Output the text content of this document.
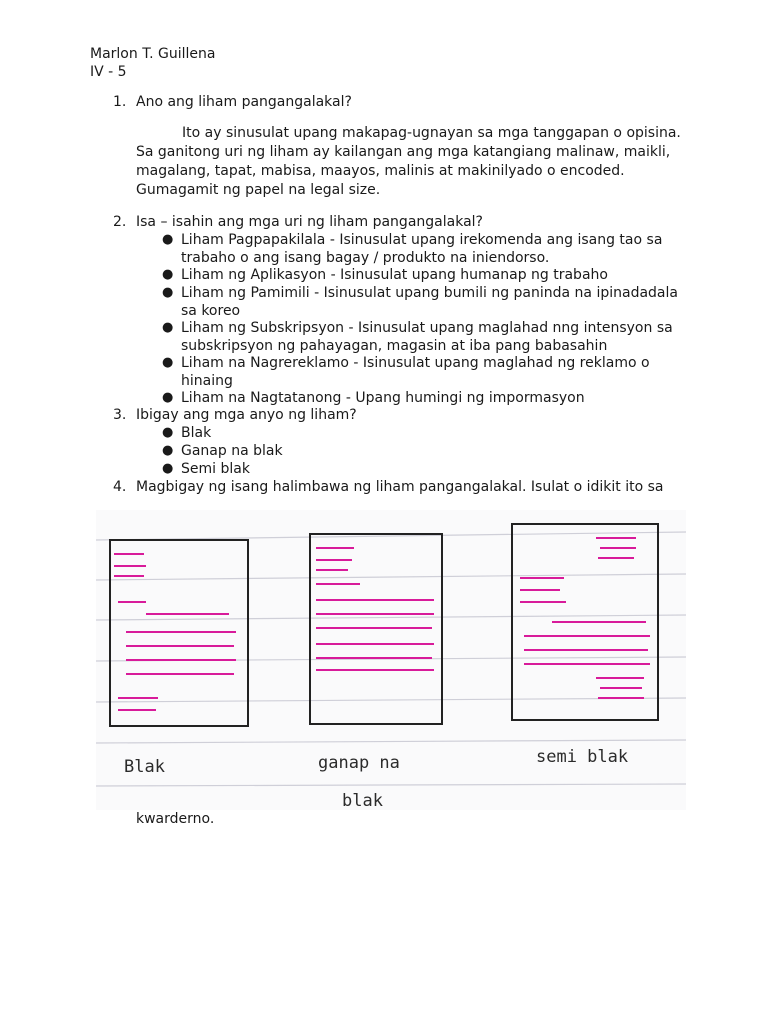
Marlon T. Guillena
IV - 5
1. Ano ang liham pangangalakal?
Ito ay sinusulat upang makapag-ugnayan sa mga tanggapan o opisina.
Sa ganitong uri ng liham ay kailangan ang mga katangiang malinaw, maikli,
magalang, tapat, mabisa, maayos, malinis at makinilyado o encoded.
Gumagamit ng papel na legal size.
2. Isa – isahin ang mga uri ng liham pangangalakal?
● Liham Pagpapakilala - Isinusulat upang irekomenda ang isang tao sa
trabaho o ang isang bagay / produkto na iniendorso.
● Liham ng Aplikasyon - Isinusulat upang humanap ng trabaho
● Liham ng Pamimili - Isinusulat upang bumili ng paninda na ipinadadala
sa koreo
● Liham ng Subskripsyon - Isinusulat upang maglahad nng intensyon sa
subskripsyon ng pahayagan, magasin at iba pang babasahin
● Liham na Nagrereklamo - Isinusulat upang maglahad ng reklamo o
hinaing
● Liham na Nagtatanong - Upang humingi ng impormasyon
3. Ibigay ang mga anyo ng liham?
● Blak
● Ganap na blak
● Semi blak
4. Magbigay ng isang halimbawa ng liham pangangalakal. Isulat o idikit ito sa
Blak	ganap na
blak
semi blak
kwarderno.
